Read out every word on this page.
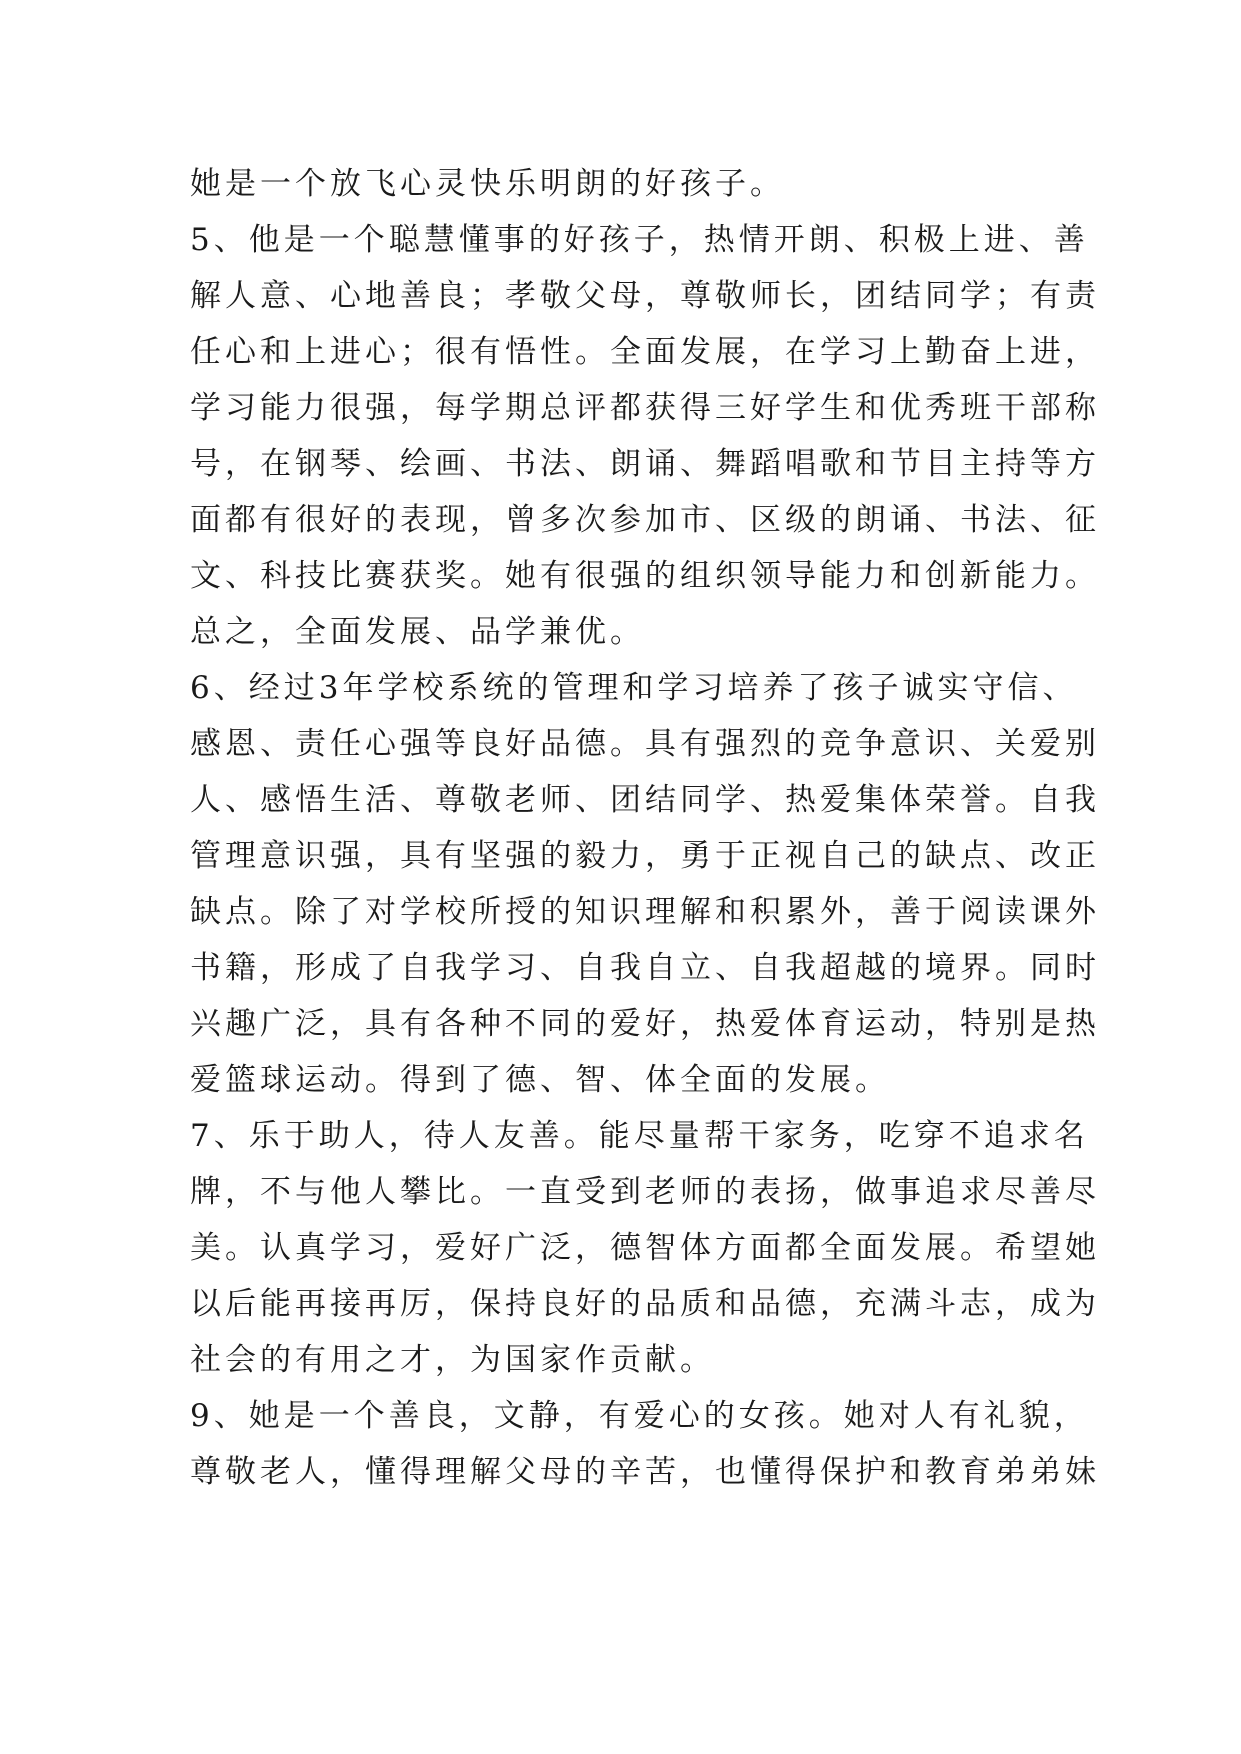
她是一个放飞心灵快乐明朗的好孩子。
5、他是一个聪慧懂事的好孩子，热情开朗、积极上进、善
解人意、心地善良；孝敬父母，尊敬师长，团结同学；有责
任心和上进心；很有悟性。全面发展，在学习上勤奋上进，
学习能力很强，每学期总评都获得三好学生和优秀班干部称
号，在钢琴、绘画、书法、朗诵、舞蹈唱歌和节目主持等方
面都有很好的表现，曾多次参加市、区级的朗诵、书法、征
文、科技比赛获奖。她有很强的组织领导能力和创新能力。
总之，全面发展、品学兼优。
6、经过3年学校系统的管理和学习培养了孩子诚实守信、
感恩、责任心强等良好品德。具有强烈的竞争意识、关爱别
人、感悟生活、尊敬老师、团结同学、热爱集体荣誉。自我
管理意识强，具有坚强的毅力，勇于正视自己的缺点、改正
缺点。除了对学校所授的知识理解和积累外，善于阅读课外
书籍，形成了自我学习、自我自立、自我超越的境界。同时
兴趣广泛，具有各种不同的爱好，热爱体育运动，特别是热
爱篮球运动。得到了德、智、体全面的发展。
7、乐于助人，待人友善。能尽量帮干家务，吃穿不追求名
牌，不与他人攀比。一直受到老师的表扬，做事追求尽善尽
美。认真学习，爱好广泛，德智体方面都全面发展。希望她
以后能再接再厉，保持良好的品质和品德，充满斗志，成为
社会的有用之才，为国家作贡献。
9、她是一个善良，文静，有爱心的女孩。她对人有礼貌，
尊敬老人，懂得理解父母的辛苦，也懂得保护和教育弟弟妹
